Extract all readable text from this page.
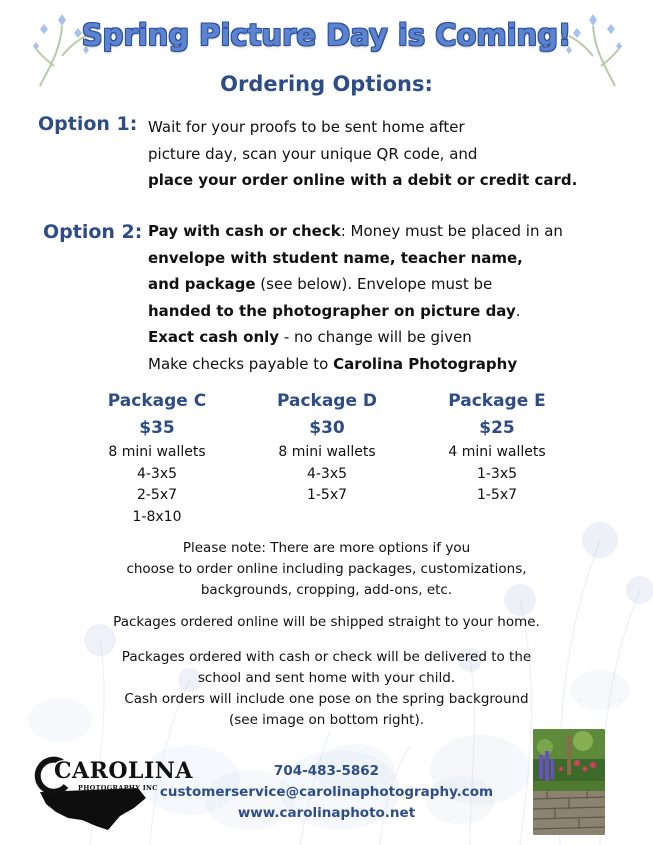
Spring Picture Day is Coming!
Ordering Options:
Option 1: Wait for your proofs to be sent home after
picture day, scan your unique QR code, and
place your order online with a debit or credit card.
Option 2: Pay with cash or check: Money must be placed in an
envelope with student name, teacher name,
and package (see below). Envelope must be
handed to the photographer on picture day.
Exact cash only - no change will be given
Make checks payable to Carolina Photography
Package C
$35
8 mini wallets
4-3x5
2-5x7
1-8x10
Package D
$30
8 mini wallets
4-3x5
1-5x7
Package E
$25
4 mini wallets
1-3x5
1-5x7
Please note: There are more options if you
choose to order online including packages, customizations,
backgrounds, cropping, add-ons, etc.
Packages ordered online will be shipped straight to your home.
Packages ordered with cash or check will be delivered to the
school and sent home with your child.
Cash orders will include one pose on the spring background
(see image on bottom right).
CAROLINA
PHOTOGRAPHY INC
704-483-5862
customerservice@carolinaphotography.com
www.carolinaphoto.net
